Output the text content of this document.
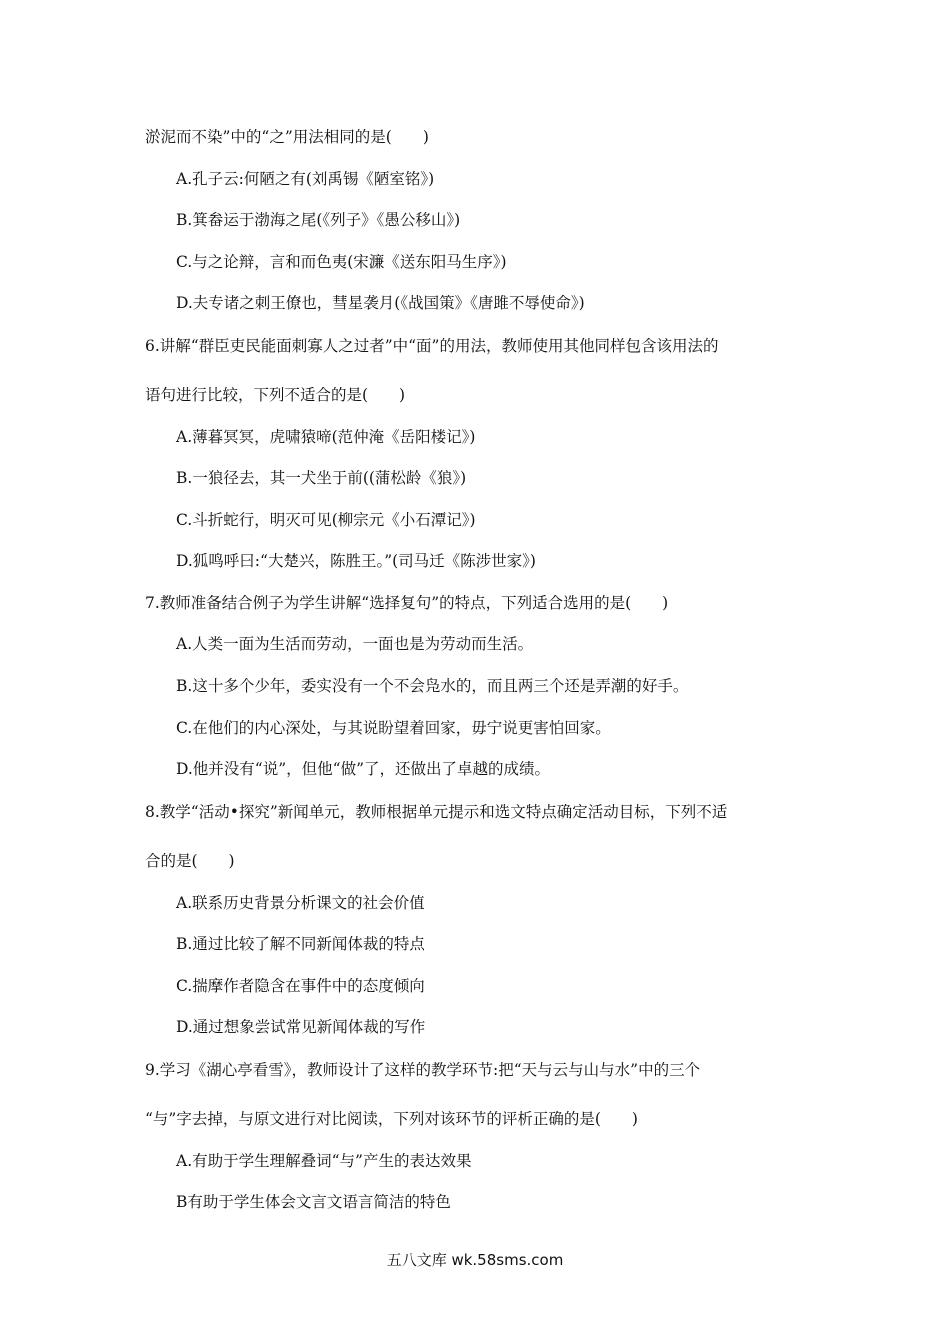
淤泥而不染”中的“之”用法相同的是(　　)
A.孔子云:何陋之有(刘禹锡《陋室铭》)
B.箕畚运于渤海之尾(《列子》《愚公移山》)
C.与之论辩，言和而色夷(宋濂《送东阳马生序》)
D.夫专诸之刺王僚也，彗星袭月(《战国策》《唐雎不辱使命》)
6.讲解“群臣吏民能面刺寡人之过者”中“面”的用法，教师使用其他同样包含该用法的
语句进行比较，下列不适合的是(　　)
A.薄暮冥冥，虎啸猿啼(范仲淹《岳阳楼记》)
B.一狼径去，其一犬坐于前((蒲松龄《狼》)
C.斗折蛇行，明灭可见(柳宗元《小石潭记》)
D.狐鸣呼曰:“大楚兴，陈胜王。”(司马迁《陈涉世家》)
7.教师准备结合例子为学生讲解“选择复句”的特点，下列适合选用的是(　　)
A.人类一面为生活而劳动，一面也是为劳动而生活。
B.这十多个少年，委实没有一个不会凫水的，而且两三个还是弄潮的好手。
C.在他们的内心深处，与其说盼望着回家，毋宁说更害怕回家。
D.他并没有“说”，但他“做”了，还做出了卓越的成绩。
8.教学“活动•探究”新闻单元，教师根据单元提示和选文特点确定活动目标，下列不适
合的是(　　)
A.联系历史背景分析课文的社会价值
B.通过比较了解不同新闻体裁的特点
C.揣摩作者隐含在事件中的态度倾向
D.通过想象尝试常见新闻体裁的写作
9.学习《湖心亭看雪》，教师设计了这样的教学环节:把“天与云与山与水”中的三个
“与”字去掉，与原文进行对比阅读，下列对该环节的评析正确的是(　　)
A.有助于学生理解叠词“与”产生的表达效果
B有助于学生体会文言文语言简洁的特色
五八文库 wk.58sms.com
